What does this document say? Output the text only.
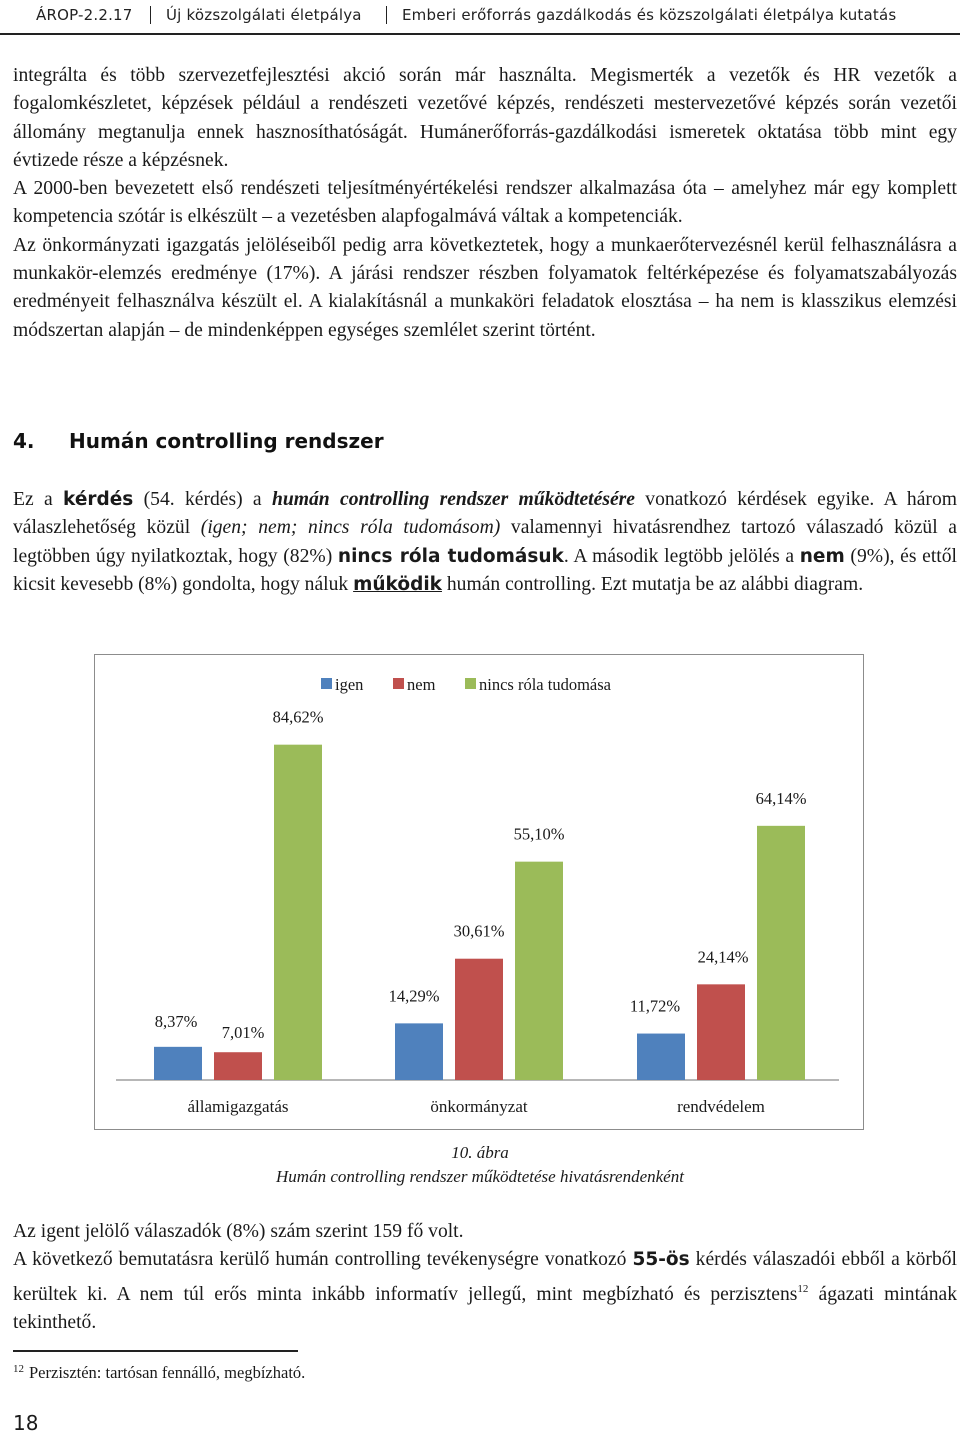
ÁROP-2.2.17 Új közszolgálati életpálya	Emberi erőforrás gazdálkodás és közszolgálati életpálya kutatás

integrálta és több szervezetfejlesztési akció során már használta. Megismerték a vezetők és HR vezetők a fogalomkészletet, képzések például a rendészeti vezetővé képzés, rendészeti mestervezetővé képzés során vezetői állomány megtanulja ennek hasznosíthatóságát. Humánerőforrás-gazdálkodási ismeretek oktatása több mint egy évtizede része a képzésnek.

A 2000-ben bevezetett első rendészeti teljesítményértékelési rendszer alkalmazása óta – amelyhez már egy komplett kompetencia szótár is elkészült – a vezetésben alapfogalmává váltak a kompetenciák.

Az önkormányzati igazgatás jelöléseiből pedig arra következtetek, hogy a munkaerőtervezésnél kerül felhasználásra a munkakör-elemzés eredménye (17%). A járási rendszer részben folyamatok feltérképezése és folyamatszabályozás eredményeit felhasználva készült el. A kialakításnál a munkaköri feladatok elosztása – ha nem is klasszikus elemzési módszertan alapján – de mindenképpen egységes szemlélet szerint történt.

4. Humán controlling rendszer

Ez a kérdés (54. kérdés) a humán controlling rendszer működtetésére vonatkozó kérdések egyike. A három válaszlehetőség közül (igen; nem; nincs róla tudomásom) valamennyi hivatásrendhez tartozó válaszadó közül a legtöbben úgy nyilatkoztak, hogy (82%) nincs róla tudomásuk. A második legtöbb jelölés a nem (9%), és ettől kicsit kevesebb (8%) gondolta, hogy náluk működik humán controlling. Ezt mutatja be az alábbi diagram.

8,37%
14,29%
11,72%
7,01%
30,61%
24,14%
84,62%
55,10%
64,14%
államigazgatás	önkormányzat	rendvédelem
igen	nem	nincs róla tudomása
10. ábra
Humán controlling rendszer működtetése hivatásrendenként

Az igent jelölő válaszadók (8%) szám szerint 159 fő volt.

A következő bemutatásra kerülő humán controlling tevékenységre vonatkozó 55-ös kérdés válaszadói ebből a körből kerültek ki. A nem túl erős minta inkább informatív jellegű, mint megbízható és perzisztens$^{12}$ ágazati mintának tekinthető.

$^{12}$ Perzisztén: tartósan fennálló, megbízható.
18
